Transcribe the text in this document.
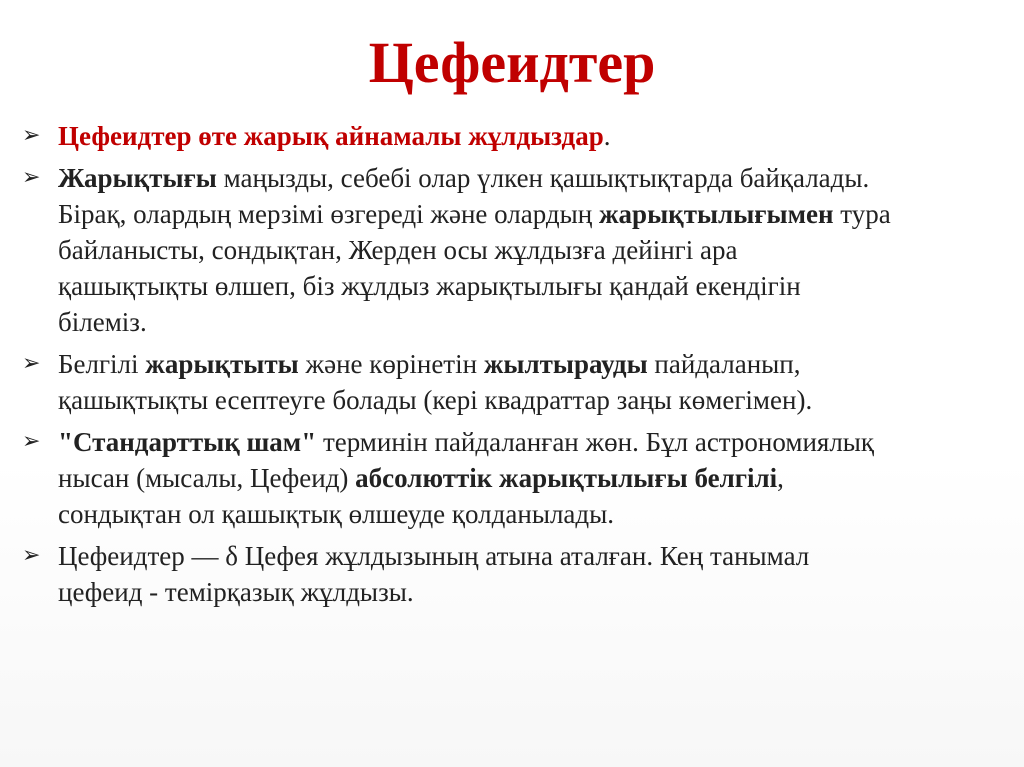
Цефеидтер
➢ Цефеидтер өте жарық айнамалы жұлдыздар.
➢ Жарықтығы маңызды, себебі олар үлкен қашықтықтарда байқалады.
Бірақ, олардың мерзімі өзгереді және олардың жарықтылығымен тура
байланысты, сондықтан, Жерден осы жұлдызға дейінгі ара
қашықтықты өлшеп, біз жұлдыз жарықтылығы қандай екендігін
білеміз.
➢ Белгілі жарықтыты және көрінетін жылтырауды пайдаланып,
қашықтықты есептеуге болады (кері квадраттар заңы көмегімен).
➢ "Стандарттық шам" терминін пайдаланған жөн. Бұл астрономиялық
нысан (мысалы, Цефеид) абсолюттік жарықтылығы белгілі,
сондықтан ол қашықтық өлшеуде қолданылады.
➢ Цефеидтер — δ Цефея жұлдызының атына аталған. Кең танымал
цефеид - темірқазық жұлдызы.
